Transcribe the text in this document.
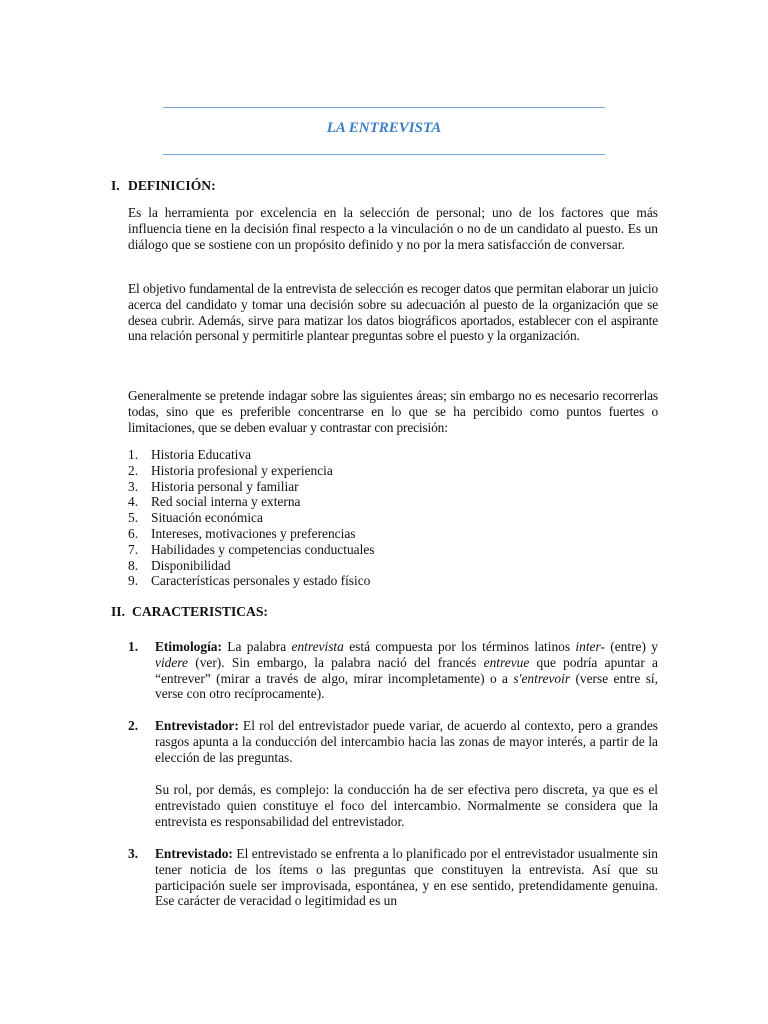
LA ENTREVISTA
I. DEFINICIÓN:
Es la herramienta por excelencia en la selección de personal; uno de los factores que más influencia tiene en la decisión final respecto a la vinculación o no de un candidato al puesto. Es un diálogo que se sostiene con un propósito definido y no por la mera satisfacción de conversar.
El objetivo fundamental de la entrevista de selección es recoger datos que permitan elaborar un juicio acerca del candidato y tomar una decisión sobre su adecuación al puesto de la organización que se desea cubrir. Además, sirve para matizar los datos biográficos aportados, establecer con el aspirante una relación personal y permitirle plantear preguntas sobre el puesto y la organización.
Generalmente se pretende indagar sobre las siguientes áreas; sin embargo no es necesario recorrerlas todas, sino que es preferible concentrarse en lo que se ha percibido como puntos fuertes o limitaciones, que se deben evaluar y contrastar con precisión:
1. Historia Educativa
2. Historia profesional y experiencia
3. Historia personal y familiar
4. Red social interna y externa
5. Situación económica
6. Intereses, motivaciones y preferencias
7. Habilidades y competencias conductuales
8. Disponibilidad
9. Características personales y estado físico
II. CARACTERISTICAS:
1. Etimología: La palabra entrevista está compuesta por los términos latinos inter- (entre) y videre (ver). Sin embargo, la palabra nació del francés entrevue que podría apuntar a “entrever” (mirar a través de algo, mirar incompletamente) o a s'entrevoir (verse entre sí, verse con otro recíprocamente).
2. Entrevistador: El rol del entrevistador puede variar, de acuerdo al contexto, pero a grandes rasgos apunta a la conducción del intercambio hacia las zonas de mayor interés, a partir de la elección de las preguntas.
Su rol, por demás, es complejo: la conducción ha de ser efectiva pero discreta, ya que es el entrevistado quien constituye el foco del intercambio. Normalmente se considera que la entrevista es responsabilidad del entrevistador.
3. Entrevistado: El entrevistado se enfrenta a lo planificado por el entrevistador usualmente sin tener noticia de los ítems o las preguntas que constituyen la entrevista. Así que su participación suele ser improvisada, espontánea, y en ese sentido, pretendidamente genuina. Ese carácter de veracidad o legitimidad es un
